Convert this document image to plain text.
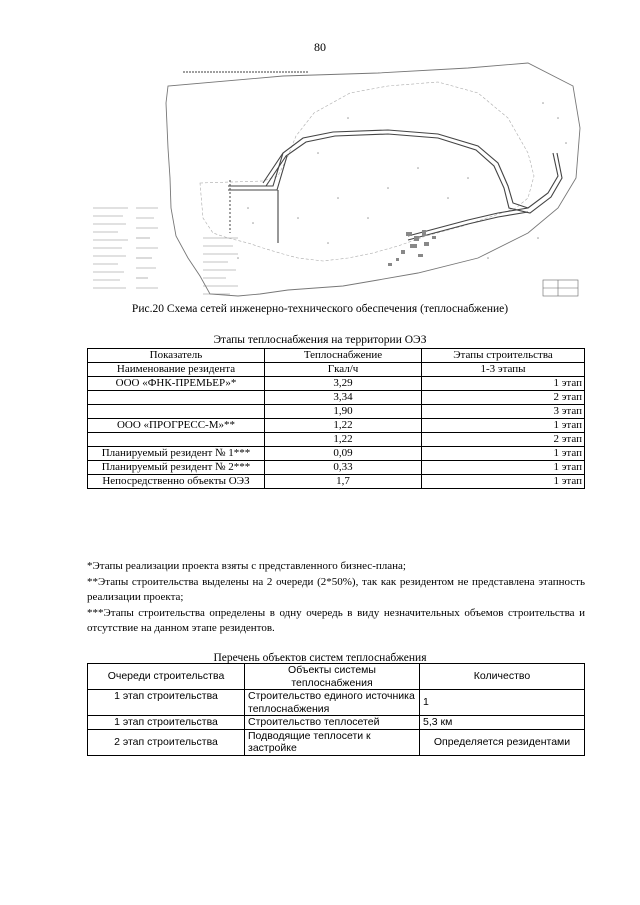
80
Рис.20 Схема сетей инженерно-технического обеспечения (теплоснабжение)
Этапы теплоснабжения на территории ОЭЗ
Показатель	Теплоснабжение	Этапы строительства
Наименование резидента	Гкал/ч	1-3 этапы
ООО «ФНК-ПРЕМЬЕР»*	3,29	1 этап
	3,34	2 этап
	1,90	3 этап
ООО «ПРОГРЕСС-М»**	1,22	1 этап
	1,22	2 этап
Планируемый резидент № 1***	0,09	1 этап
Планируемый резидент № 2***	0,33	1 этап
Непосредственно объекты ОЭЗ	1,7	1 этап

*Этапы реализации проекта взяты с представленного бизнес-плана;

**Этапы строительства выделены на 2 очереди (2*50%), так как резидентом не представлена этапность реализации проекта;

***Этапы строительства определены в одну очередь в виду незначительных объемов строительства и отсутствие на данном этапе резидентов.

Перечень объектов систем теплоснабжения
Очереди строительства	Объекты системы теплоснабжения	Количество
1 этап строительства	Строительство единого источника теплоснабжения	1
1 этап строительства	Строительство теплосетей	5,3 км
2 этап строительства	Подводящие теплосети к застройке	Определяется резидентами
